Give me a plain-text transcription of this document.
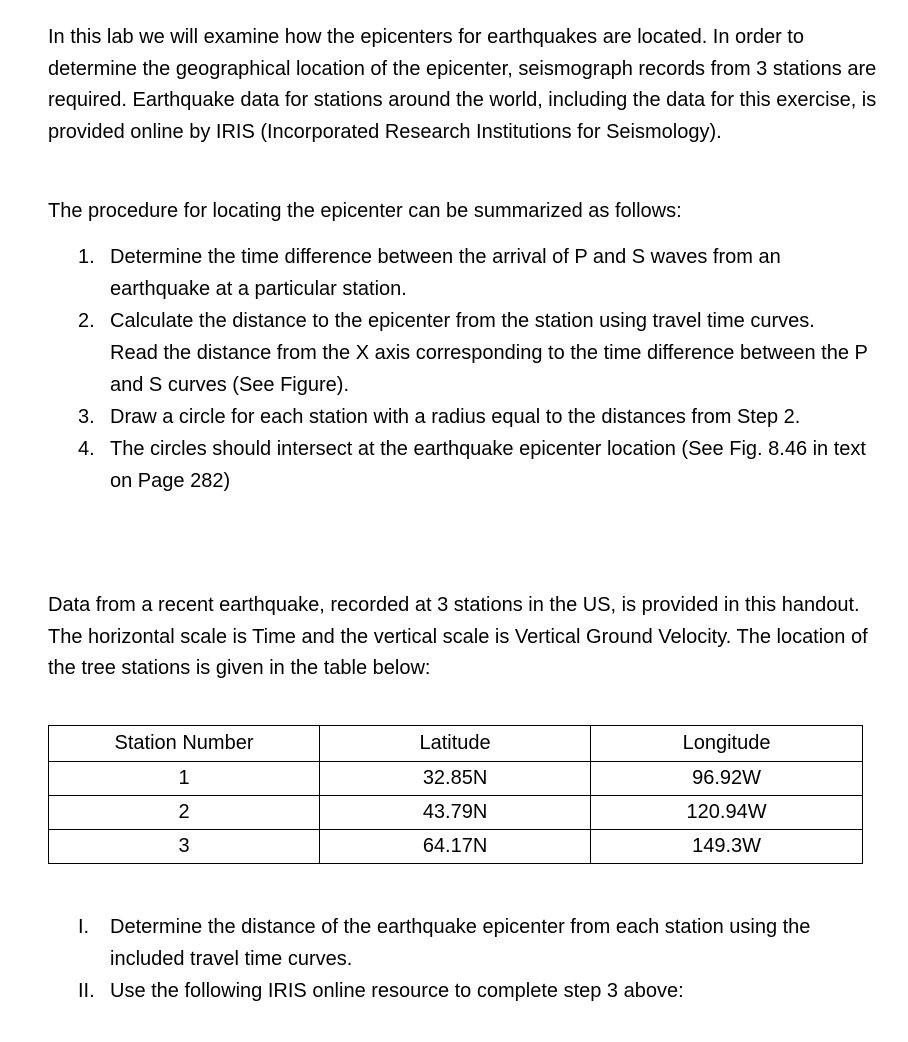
In this lab we will examine how the epicenters for earthquakes are located. In order to determine the geographical location of the epicenter, seismograph records from 3 stations are required. Earthquake data for stations around the world, including the data for this exercise, is provided online by IRIS (Incorporated Research Institutions for Seismology).

The procedure for locating the epicenter can be summarized as follows:

1. Determine the time difference between the arrival of P and S waves from an earthquake at a particular station.
2. Calculate the distance to the epicenter from the station using travel time curves. Read the distance from the X axis corresponding to the time difference between the P and S curves (See Figure).
3. Draw a circle for each station with a radius equal to the distances from Step 2.
4. The circles should intersect at the earthquake epicenter location (See Fig. 8.46 in text on Page 282)

Data from a recent earthquake, recorded at 3 stations in the US, is provided in this handout. The horizontal scale is Time and the vertical scale is Vertical Ground Velocity. The location of the tree stations is given in the table below:

Station Number	Latitude	Longitude
1	32.85N	96.92W
2	43.79N	120.94W
3	64.17N	149.3W
I. Determine the distance of the earthquake epicenter from each station using the included travel time curves.
II. Use the following IRIS online resource to complete step 3 above:
